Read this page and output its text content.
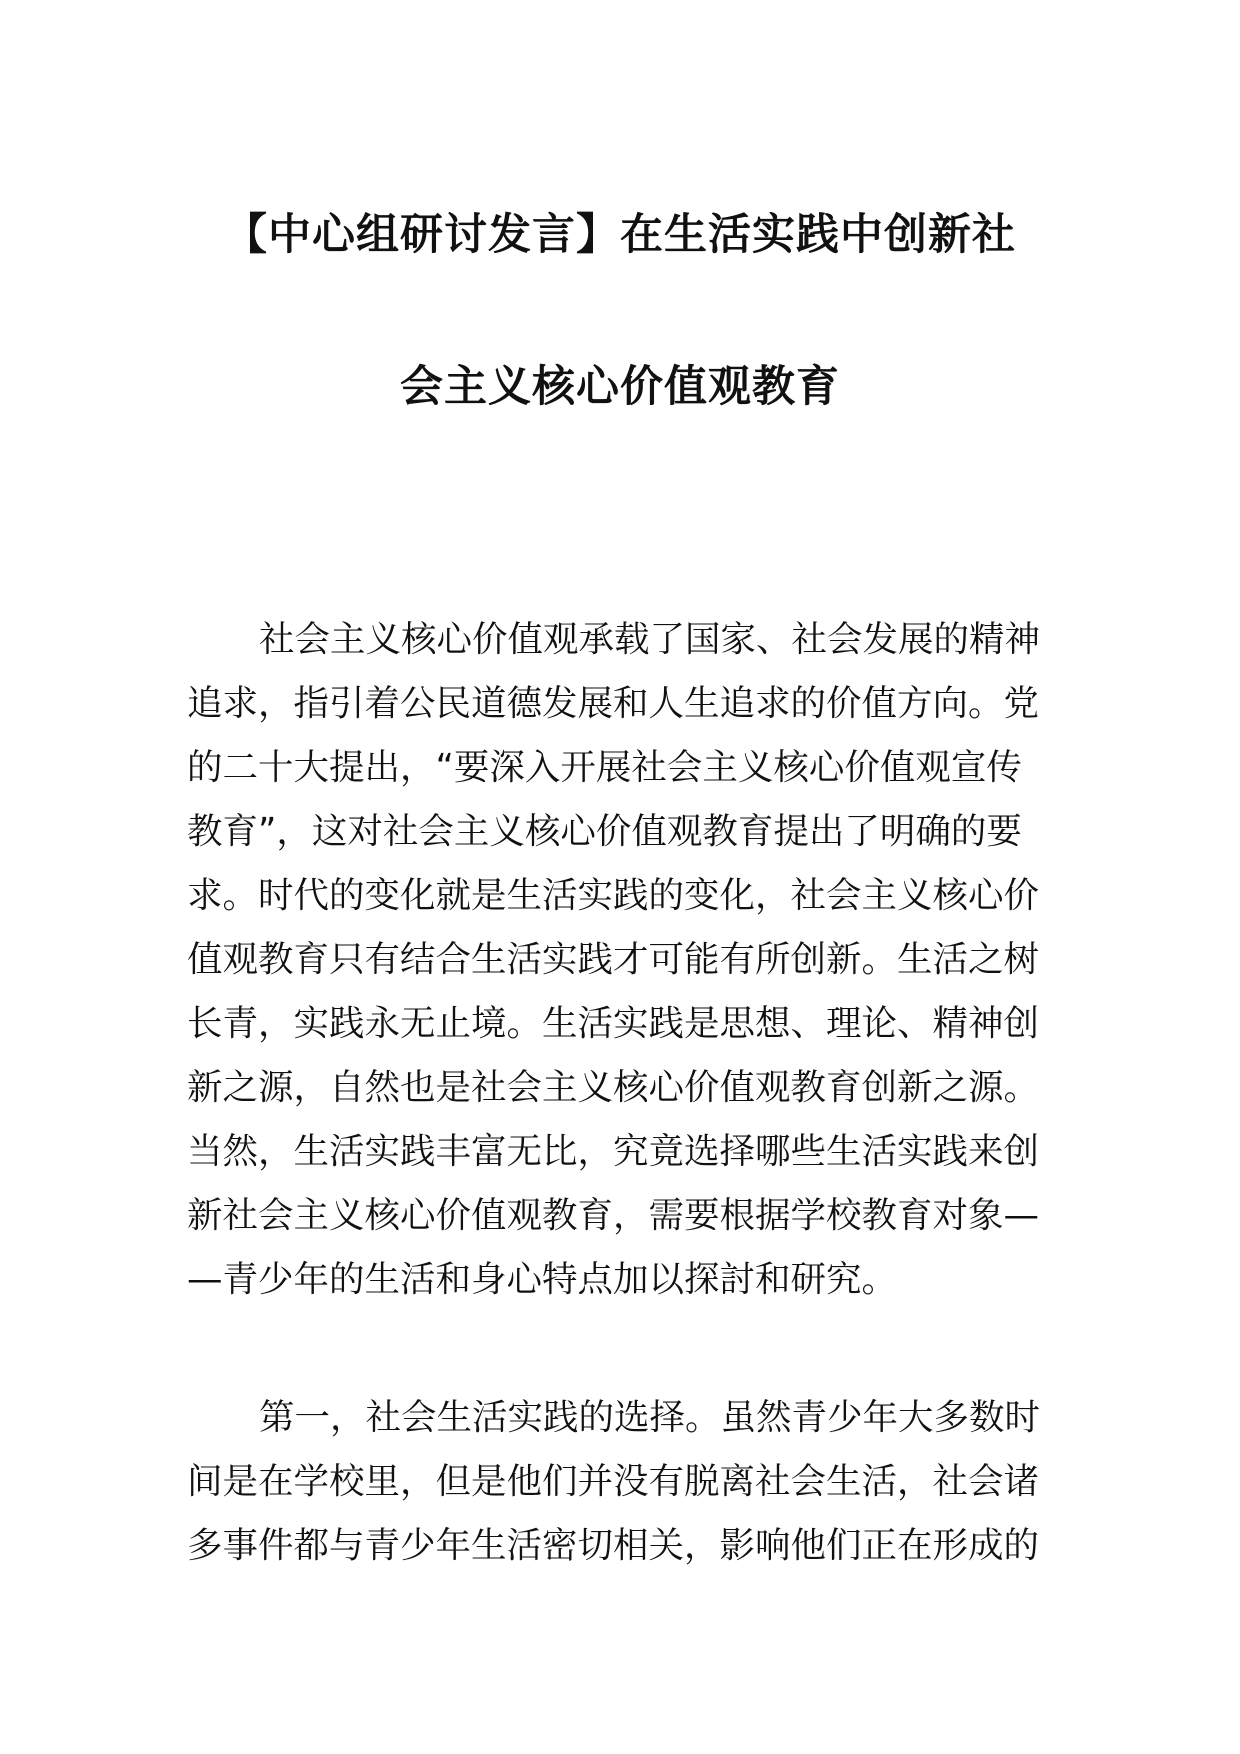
【中心组研讨发言】在生活实践中创新社
会主义核心价值观教育
社会主义核心价值观承载了国家、社会发展的精神
追求，指引着公民道德发展和人生追求的价值方向。党
的二十大提出，“要深入开展社会主义核心价值观宣传
教育”，这对社会主义核心价值观教育提出了明确的要
求。时代的变化就是生活实践的变化，社会主义核心价
值观教育只有结合生活实践才可能有所创新。生活之树
长青，实践永无止境。生活实践是思想、理论、精神创
新之源，自然也是社会主义核心价值观教育创新之源。
当然，生活实践丰富无比，究竟选择哪些生活实践来创
新社会主义核心价值观教育，需要根据学校教育对象—
—青少年的生活和身心特点加以探討和研究。
第一，社会生活实践的选择。虽然青少年大多数时
间是在学校里，但是他们并没有脱离社会生活，社会诸
多事件都与青少年生活密切相关，影响他们正在形成的
